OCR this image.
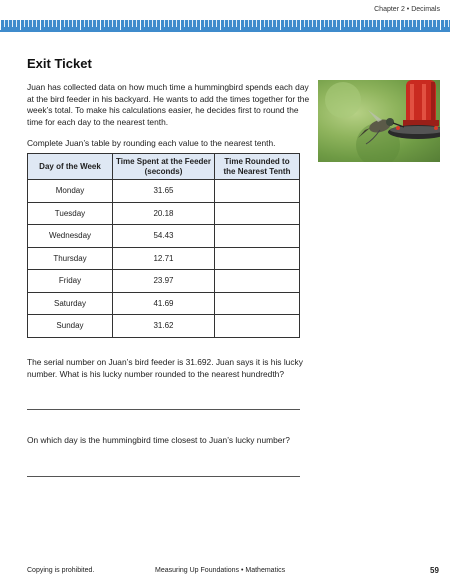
Chapter 2 • Decimals
Exit Ticket
Juan has collected data on how much time a hummingbird spends each day at the bird feeder in his backyard. He wants to add the times together for the week’s total. To make his calculations easier, he decides first to round the time for each day to the nearest tenth.
Complete Juan’s table by rounding each value to the nearest tenth.
Day of the Week	Time Spent at the Feeder (seconds)	Time Rounded to the Nearest Tenth
Monday	31.65	
Tuesday	20.18	
Wednesday	54.43	
Thursday	12.71	
Friday	23.97	
Saturday	41.69	
Sunday	31.62	
The serial number on Juan’s bird feeder is 31.692. Juan says it is his lucky number. What is his lucky number rounded to the nearest hundredth?
On which day is the hummingbird time closest to Juan’s lucky number?
Copying is prohibited.	Measuring Up Foundations • Mathematics	59
